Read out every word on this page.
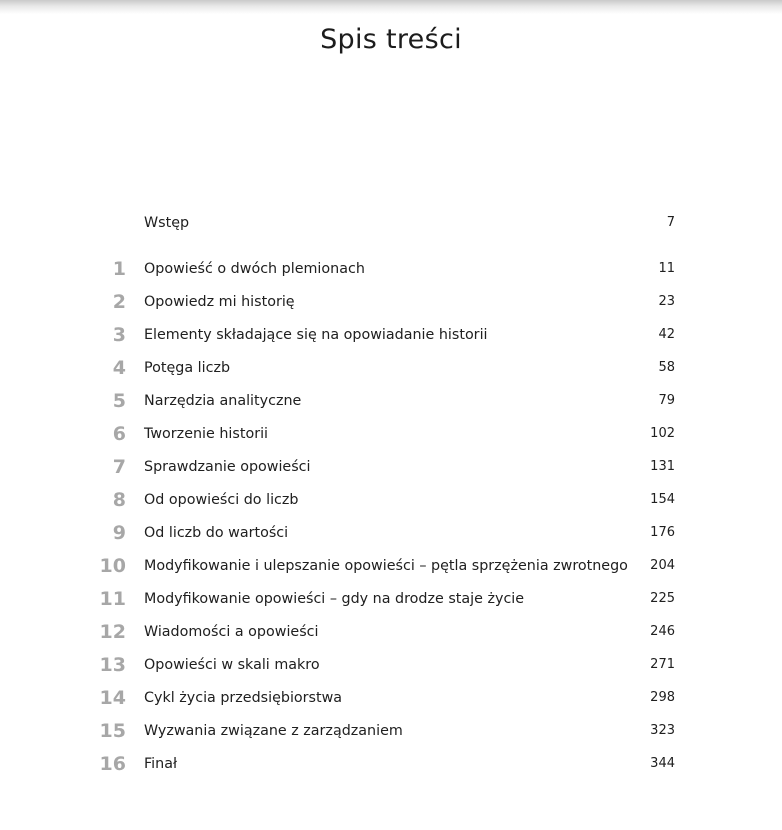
Spis treści
Wstęp	7
1 Opowieść o dwóch plemionach	11
2 Opowiedz mi historię	23
3 Elementy składające się na opowiadanie historii	42
4 Potęga liczb	58
5 Narzędzia analityczne	79
6 Tworzenie historii	102
7 Sprawdzanie opowieści	131
8 Od opowieści do liczb	154
9 Od liczb do wartości	176
10 Modyfikowanie i ulepszanie opowieści – pętla sprzężenia zwrotnego 204
11 Modyfikowanie opowieści – gdy na drodze staje życie	225
12 Wiadomości a opowieści	246
13 Opowieści w skali makro	271
14 Cykl życia przedsiębiorstwa	298
15 Wyzwania związane z zarządzaniem	323
16 Finał	344
